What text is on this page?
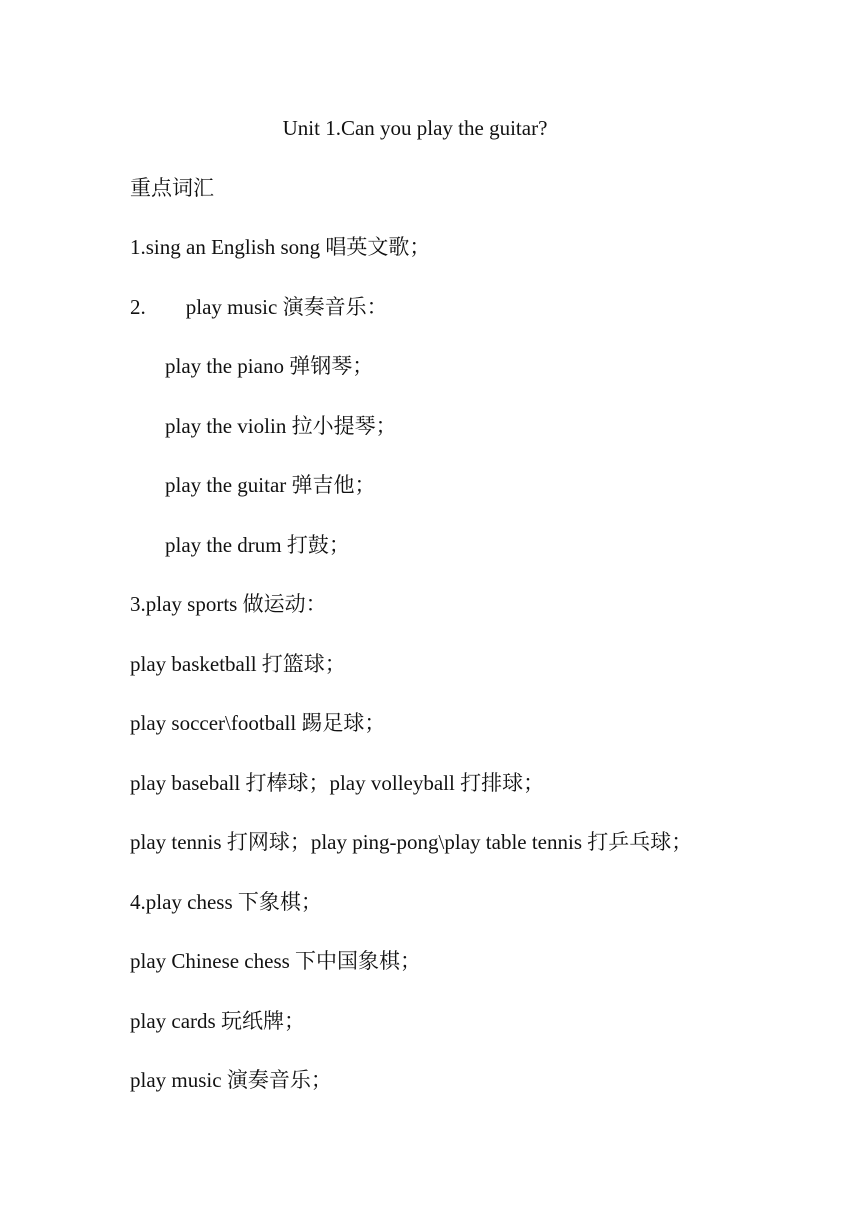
Unit 1.Can you play the guitar?
重点词汇
1.sing an English song 唱英文歌；
2. play music 演奏音乐：
play the piano 弹钢琴；
play the violin 拉小提琴；
play the guitar 弹吉他；
play the drum 打鼓；
3.play sports 做运动：
play basketball 打篮球；
play soccer\football 踢足球；
play baseball 打棒球；play volleyball 打排球；
play tennis 打网球；play ping-pong\play table tennis 打乒乓球；
4.play chess 下象棋；
play Chinese chess 下中国象棋；
play cards 玩纸牌；
play music 演奏音乐；
